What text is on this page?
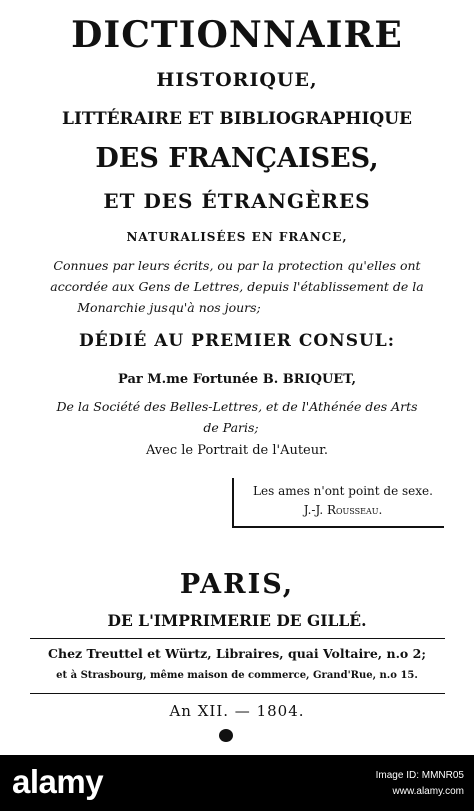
DICTIONNAIRE
HISTORIQUE,
LITTÉRAIRE ET BIBLIOGRAPHIQUE
DES FRANÇAISES,
ET DES ÉTRANGÈRES
NATURALISÉES EN FRANCE,
Connues par leurs écrits, ou par la protection qu'elles ont
accordée aux Gens de Lettres, depuis l'établissement de la
Monarchie jusqu'à nos jours;
DÉDIÉ AU PREMIER CONSUL:
Par M.me Fortunée B. BRIQUET,
De la Société des Belles-Lettres, et de l'Athénée des Arts
de Paris;
Avec le Portrait de l'Auteur.
Les ames n'ont point de sexe.
J.-J. Rousseau.
PARIS,
DE L'IMPRIMERIE DE GILLÉ.
Chez Treuttel et Würtz, Libraires, quai Voltaire, n.o 2;
et à Strasbourg, même maison de commerce, Grand'Rue, n.o 15.
An XII. — 1804.
alamy	Image ID: MMNR05
www.alamy.com
